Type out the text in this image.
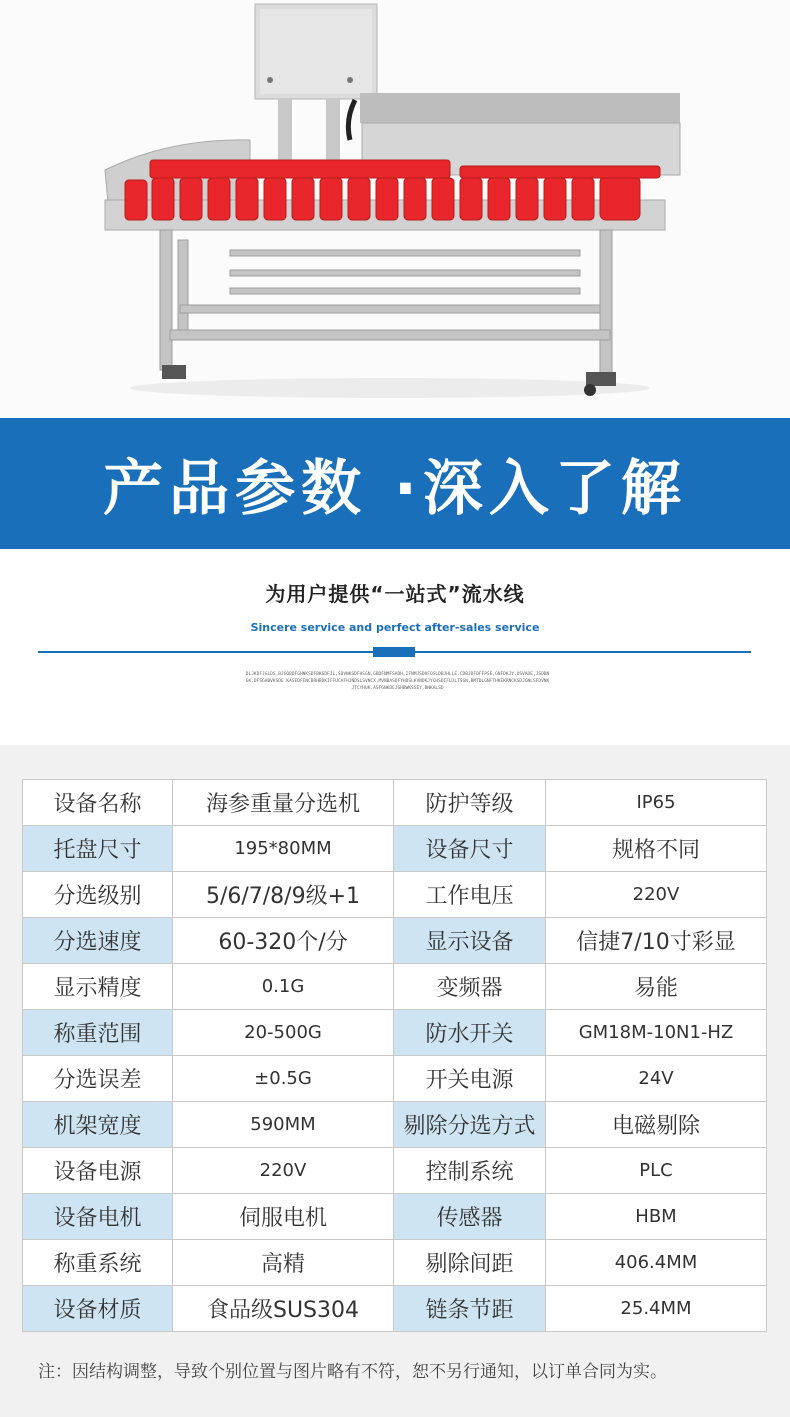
产品参数 ·深入了解
为用户提供“一站式”流水线
Sincere service and perfect after-sales service
DLJKDFJGLDS,BJGOBDFGHNKSDFBKSDFJL,SDVNKSDFHSGN,GBDFNMFSADH,IFNMJSDHFOSLDBJHLLE.CDBJDFDFFPSE,GNFDKJY.OSVADE,JSDBNGK,DFSGHBVKSDE.KASEDFENCBRHBDKIFFUCAFHJNDSLSVNCX,MVNBASDFYHDSLKVNDKJYCHSDIFUJLTSGN,BMTDLGNFTHKEKRNCKSDJGNLSFDVNKJTCYHUK,ASFGNKDEJGHBWKSSEY,BNKALSD
设备名称	海参重量分选机	防护等级	IP65
托盘尺寸	195*80MM	设备尺寸	规格不同
分选级别	5/6/7/8/9级+1	工作电压	220V
分选速度	60-320个/分	显示设备	信捷7/10寸彩显
显示精度	0.1G	变频器	易能
称重范围	20-500G	防水开关	GM18M-10N1-HZ
分选误差	±0.5G	开关电源	24V
机架宽度	590MM	剔除分选方式	电磁剔除
设备电源	220V	控制系统	PLC
设备电机	伺服电机	传感器	HBM
称重系统	高精	剔除间距	406.4MM
设备材质	食品级SUS304	链条节距	25.4MM
注：因结构调整，导致个别位置与图片略有不符，恕不另行通知，以订单合同为实。
